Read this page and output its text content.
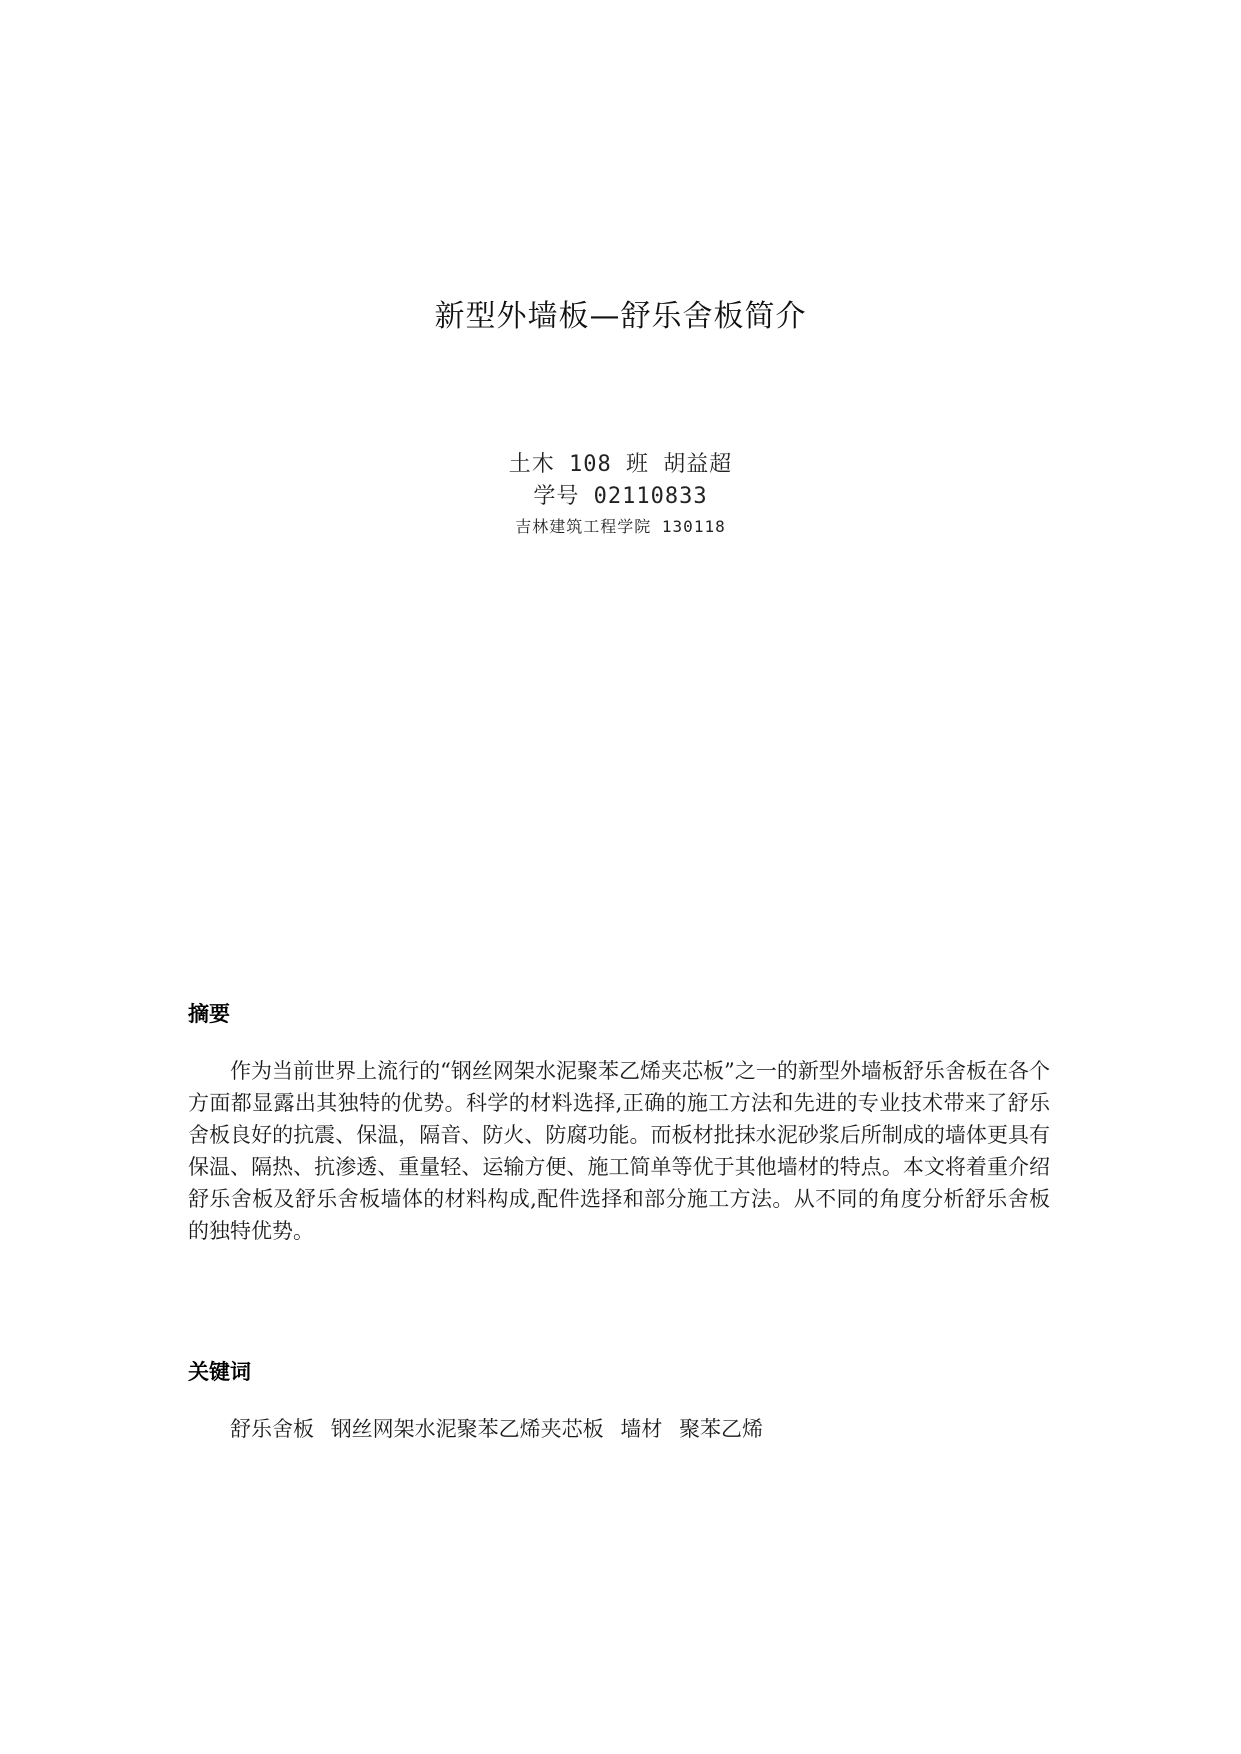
新型外墙板—舒乐舍板简介
土木 108 班 胡益超
学号 02110833
吉林建筑工程学院 130118
摘要

作为当前世界上流行的“钢丝网架水泥聚苯乙烯夹芯板”之一的新型外墙板舒乐舍板在各个方面都显露出其独特的优势。科学的材料选择,正确的施工方法和先进的专业技术带来了舒乐舍板良好的抗震、保温，隔音、防火、防腐功能。而板材批抹水泥砂浆后所制成的墙体更具有保温、隔热、抗渗透、重量轻、运输方便、施工简单等优于其他墙材的特点。本文将着重介绍舒乐舍板及舒乐舍板墙体的材料构成,配件选择和部分施工方法。从不同的角度分析舒乐舍板的独特优势。

关键词
舒乐舍板 钢丝网架水泥聚苯乙烯夹芯板 墙材 聚苯乙烯
